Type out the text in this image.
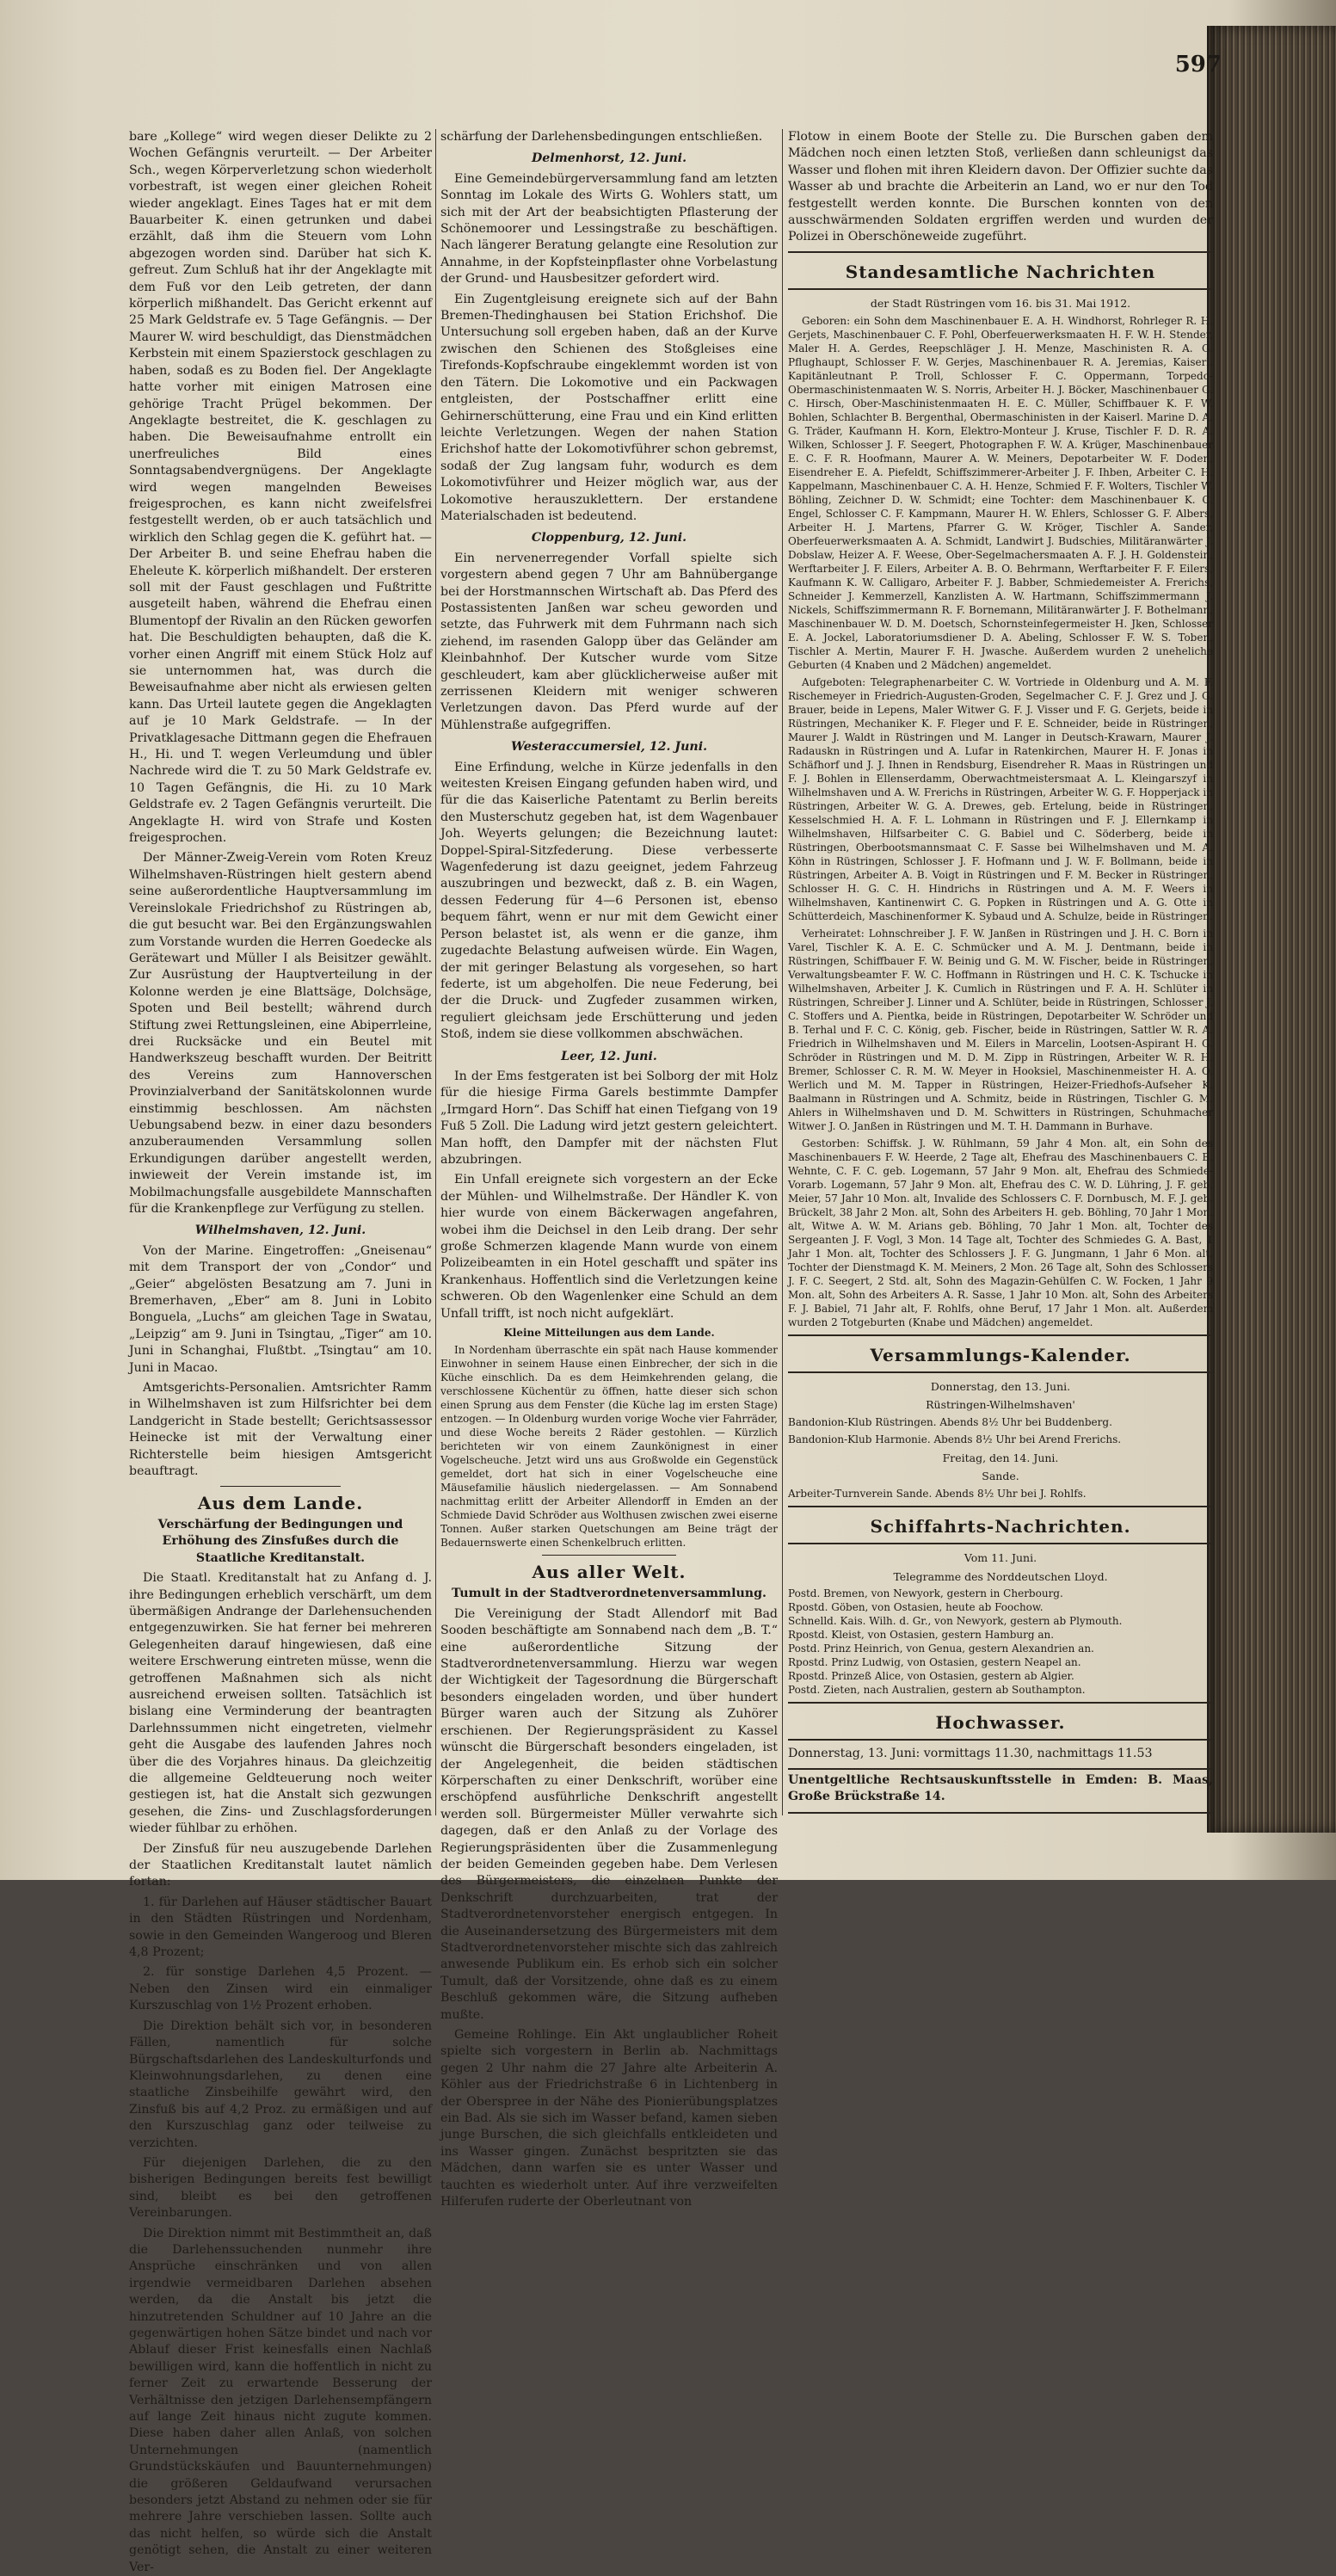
597

bare „Kollege“ wird wegen dieser Delikte zu 2 Wochen Gefängnis verurteilt. — Der Arbeiter Sch., wegen Körperverletzung schon wiederholt vorbestraft, ist wegen einer gleichen Roheit wieder angeklagt. Eines Tages hat er mit dem Bauarbeiter K. einen getrunken und dabei erzählt, daß ihm die Steuern vom Lohn abgezogen worden sind. Darüber hat sich K. gefreut. Zum Schluß hat ihr der Angeklagte mit dem Fuß vor den Leib getreten, der dann körperlich mißhandelt. Das Gericht erkennt auf 25 Mark Geldstrafe ev. 5 Tage Gefängnis. — Der Maurer W. wird beschuldigt, das Dienstmädchen Kerbstein mit einem Spazierstock geschlagen zu haben, sodaß es zu Boden fiel. Der Angeklagte hatte vorher mit einigen Matrosen eine gehörige Tracht Prügel bekommen. Der Angeklagte bestreitet, die K. geschlagen zu haben. Die Beweisaufnahme entrollt ein unerfreuliches Bild eines Sonntagsabendvergnügens. Der Angeklagte wird wegen mangelnden Beweises freigesprochen, es kann nicht zweifelsfrei festgestellt werden, ob er auch tatsächlich und wirklich den Schlag gegen die K. geführt hat. — Der Arbeiter B. und seine Ehefrau haben die Eheleute K. körperlich mißhandelt. Der ersteren soll mit der Faust geschlagen und Fußtritte ausgeteilt haben, während die Ehefrau einen Blumentopf der Rivalin an den Rücken geworfen hat. Die Beschuldigten behaupten, daß die K. vorher einen Angriff mit einem Stück Holz auf sie unternommen hat, was durch die Beweisaufnahme aber nicht als erwiesen gelten kann. Das Urteil lautete gegen die Angeklagten auf je 10 Mark Geldstrafe. — In der Privatklagesache Dittmann gegen die Ehefrauen H., Hi. und T. wegen Verleumdung und übler Nachrede wird die T. zu 50 Mark Geldstrafe ev. 10 Tagen Gefängnis, die Hi. zu 10 Mark Geldstrafe ev. 2 Tagen Gefängnis verurteilt. Die Angeklagte H. wird von Strafe und Kosten freigesprochen.

Der Männer-Zweig-Verein vom Roten Kreuz Wilhelmshaven-Rüstringen hielt gestern abend seine außerordentliche Hauptversammlung im Vereinslokale Friedrichshof zu Rüstringen ab, die gut besucht war. Bei den Ergänzungswahlen zum Vorstande wurden die Herren Goedecke als Gerätewart und Müller I als Beisitzer gewählt. Zur Ausrüstung der Hauptverteilung in der Kolonne werden je eine Blattsäge, Dolchsäge, Spoten und Beil bestellt; während durch Stiftung zwei Rettungsleinen, eine Abiperrleine, drei Rucksäcke und ein Beutel mit Handwerkszeug beschafft wurden. Der Beitritt des Vereins zum Hannoverschen Provinzialverband der Sanitätskolonnen wurde einstimmig beschlossen. Am nächsten Uebungsabend bezw. in einer dazu besonders anzuberaumenden Versammlung sollen Erkundigungen darüber angestellt werden, inwieweit der Verein imstande ist, im Mobilmachungsfalle ausgebildete Mannschaften für die Krankenpflege zur Verfügung zu stellen.

Wilhelmshaven, 12. Juni.

Von der Marine. Eingetroffen: „Gneisenau“ mit dem Transport der von „Condor“ und „Geier“ abgelösten Besatzung am 7. Juni in Bremerhaven, „Eber“ am 8. Juni in Lobito Bonguela, „Luchs“ am gleichen Tage in Swatau, „Leipzig“ am 9. Juni in Tsingtau, „Tiger“ am 10. Juni in Schanghai, Flußtbt. „Tsingtau“ am 10. Juni in Macao.

Amtsgerichts-Personalien. Amtsrichter Ramm in Wilhelmshaven ist zum Hilfsrichter bei dem Landgericht in Stade bestellt; Gerichtsassessor Heinecke ist mit der Verwaltung einer Richterstelle beim hiesigen Amtsgericht beauftragt.

Aus dem Lande.
Verschärfung der Bedingungen und Erhöhung des Zinsfußes durch die Staatliche Kreditanstalt.

Die Staatl. Kreditanstalt hat zu Anfang d. J. ihre Bedingungen erheblich verschärft, um dem übermäßigen Andrange der Darlehensuchenden entgegenzuwirken. Sie hat ferner bei mehreren Gelegenheiten darauf hingewiesen, daß eine weitere Erschwerung eintreten müsse, wenn die getroffenen Maßnahmen sich als nicht ausreichend erweisen sollten. Tatsächlich ist bislang eine Verminderung der beantragten Darlehnssummen nicht eingetreten, vielmehr geht die Ausgabe des laufenden Jahres noch über die des Vorjahres hinaus. Da gleichzeitig die allgemeine Geldteuerung noch weiter gestiegen ist, hat die Anstalt sich gezwungen gesehen, die Zins- und Zuschlagsforderungen wieder fühlbar zu erhöhen.

Der Zinsfuß für neu auszugebende Darlehen der Staatlichen Kreditanstalt lautet nämlich fortan:

1. für Darlehen auf Häuser städtischer Bauart in den Städten Rüstringen und Nordenham, sowie in den Gemeinden Wangeroog und Bleren 4,8 Prozent;

2. für sonstige Darlehen 4,5 Prozent. — Neben den Zinsen wird ein einmaliger Kurszuschlag von 1½ Prozent erhoben.

Die Direktion behält sich vor, in besonderen Fällen, namentlich für solche Bürgschaftsdarlehen des Landeskulturfonds und Kleinwohnungsdarlehen, zu denen eine staatliche Zinsbeihilfe gewährt wird, den Zinsfuß bis auf 4,2 Proz. zu ermäßigen und auf den Kurszuschlag ganz oder teilweise zu verzichten.

Für diejenigen Darlehen, die zu den bisherigen Bedingungen bereits fest bewilligt sind, bleibt es bei den getroffenen Vereinbarungen.

Die Direktion nimmt mit Bestimmtheit an, daß die Darlehenssuchenden nunmehr ihre Ansprüche einschränken und von allen irgendwie vermeidbaren Darlehen absehen werden, da die Anstalt bis jetzt die hinzutretenden Schuldner auf 10 Jahre an die gegenwärtigen hohen Sätze bindet und nach vor Ablauf dieser Frist keinesfalls einen Nachlaß bewilligen wird, kann die hoffentlich in nicht zu ferner Zeit zu erwartende Besserung der Verhältnisse den jetzigen Darlehensempfängern auf lange Zeit hinaus nicht zugute kommen. Diese haben daher allen Anlaß, von solchen Unternehmungen (namentlich Grundstückskäufen und Bauunternehmungen) die größeren Geldaufwand verursachen besonders jetzt Abstand zu nehmen oder sie für mehrere Jahre verschieben lassen. Sollte auch das nicht helfen, so würde sich die Anstalt genötigt sehen, die Anstalt zu einer weiteren Ver-

schärfung der Darlehensbedingungen entschließen.

Delmenhorst, 12. Juni.

Eine Gemeindebürgerversammlung fand am letzten Sonntag im Lokale des Wirts G. Wohlers statt, um sich mit der Art der beabsichtigten Pflasterung der Schönemoorer und Lessingstraße zu beschäftigen. Nach längerer Beratung gelangte eine Resolution zur Annahme, in der Kopfsteinpflaster ohne Vorbelastung der Grund- und Hausbesitzer gefordert wird.

Ein Zugentgleisung ereignete sich auf der Bahn Bremen-Thedinghausen bei Station Erichshof. Die Untersuchung soll ergeben haben, daß an der Kurve zwischen den Schienen des Stoßgleises eine Tirefonds-Kopfschraube eingeklemmt worden ist von den Tätern. Die Lokomotive und ein Packwagen entgleisten, der Postschaffner erlitt eine Gehirnerschütterung, eine Frau und ein Kind erlitten leichte Verletzungen. Wegen der nahen Station Erichshof hatte der Lokomotivführer schon gebremst, sodaß der Zug langsam fuhr, wodurch es dem Lokomotivführer und Heizer möglich war, aus der Lokomotive herauszuklettern. Der erstandene Materialschaden ist bedeutend.

Cloppenburg, 12. Juni.

Ein nervenerregender Vorfall spielte sich vorgestern abend gegen 7 Uhr am Bahnübergange bei der Horstmannschen Wirtschaft ab. Das Pferd des Postassistenten Janßen war scheu geworden und setzte, das Fuhrwerk mit dem Fuhrmann nach sich ziehend, im rasenden Galopp über das Geländer am Kleinbahnhof. Der Kutscher wurde vom Sitze geschleudert, kam aber glücklicherweise außer mit zerrissenen Kleidern mit weniger schweren Verletzungen davon. Das Pferd wurde auf der Mühlenstraße aufgegriffen.

Westeraccumersiel, 12. Juni.

Eine Erfindung, welche in Kürze jedenfalls in den weitesten Kreisen Eingang gefunden haben wird, und für die das Kaiserliche Patentamt zu Berlin bereits den Musterschutz gegeben hat, ist dem Wagenbauer Joh. Weyerts gelungen; die Bezeichnung lautet: Doppel-Spiral-Sitzfederung. Diese verbesserte Wagenfederung ist dazu geeignet, jedem Fahrzeug auszubringen und bezweckt, daß z. B. ein Wagen, dessen Federung für 4—6 Personen ist, ebenso bequem fährt, wenn er nur mit dem Gewicht einer Person belastet ist, als wenn er die ganze, ihm zugedachte Belastung aufweisen würde. Ein Wagen, der mit geringer Belastung als vorgesehen, so hart federte, ist um abgeholfen. Die neue Federung, bei der die Druck- und Zugfeder zusammen wirken, reguliert gleichsam jede Erschütterung und jeden Stoß, indem sie diese vollkommen abschwächen.

Leer, 12. Juni.

In der Ems festgeraten ist bei Solborg der mit Holz für die hiesige Firma Garels bestimmte Dampfer „Irmgard Horn“. Das Schiff hat einen Tiefgang von 19 Fuß 5 Zoll. Die Ladung wird jetzt gestern geleichtert. Man hofft, den Dampfer mit der nächsten Flut abzubringen.

Ein Unfall ereignete sich vorgestern an der Ecke der Mühlen- und Wilhelmstraße. Der Händler K. von hier wurde von einem Bäckerwagen angefahren, wobei ihm die Deichsel in den Leib drang. Der sehr große Schmerzen klagende Mann wurde von einem Polizeibeamten in ein Hotel geschafft und später ins Krankenhaus. Hoffentlich sind die Verletzungen keine schweren. Ob den Wagenlenker eine Schuld an dem Unfall trifft, ist noch nicht aufgeklärt.

Kleine Mitteilungen aus dem Lande.

In Nordenham überraschte ein spät nach Hause kommender Einwohner in seinem Hause einen Einbrecher, der sich in die Küche einschlich. Da es dem Heimkehrenden gelang, die verschlossene Küchentür zu öffnen, hatte dieser sich schon einen Sprung aus dem Fenster (die Küche lag im ersten Stage) entzogen. — In Oldenburg wurden vorige Woche vier Fahrräder, und diese Woche bereits 2 Räder gestohlen. — Kürzlich berichteten wir von einem Zaunkönignest in einer Vogelscheuche. Jetzt wird uns aus Großwolde ein Gegenstück gemeldet, dort hat sich in einer Vogelscheuche eine Mäusefamilie häuslich niedergelassen. — Am Sonnabend nachmittag erlitt der Arbeiter Allendorff in Emden an der Schmiede David Schröder aus Wolthusen zwischen zwei eiserne Tonnen. Außer starken Quetschungen am Beine trägt der Bedauernswerte einen Schenkelbruch erlitten.

Aus aller Welt.
Tumult in der Stadtverordnetenversammlung.

Die Vereinigung der Stadt Allendorf mit Bad Sooden beschäftigte am Sonnabend nach dem „B. T.“ eine außerordentliche Sitzung der Stadtverordnetenversammlung. Hierzu war wegen der Wichtigkeit der Tagesordnung die Bürgerschaft besonders eingeladen worden, und über hundert Bürger waren auch der Sitzung als Zuhörer erschienen. Der Regierungspräsident zu Kassel wünscht die Bürgerschaft besonders eingeladen, ist der Angelegenheit, die beiden städtischen Körperschaften zu einer Denkschrift, worüber eine erschöpfend ausführliche Denkschrift angestellt werden soll. Bürgermeister Müller verwahrte sich dagegen, daß er den Anlaß zu der Vorlage des Regierungspräsidenten über die Zusammenlegung der beiden Gemeinden gegeben habe. Dem Verlesen des Bürgermeisters, die einzelnen Punkte der Denkschrift durchzuarbeiten, trat der Stadtverordnetenvorsteher energisch entgegen. In die Auseinandersetzung des Bürgermeisters mit dem Stadtverordnetenvorsteher mischte sich das zahlreich anwesende Publikum ein. Es erhob sich ein solcher Tumult, daß der Vorsitzende, ohne daß es zu einem Beschluß gekommen wäre, die Sitzung aufheben mußte.

Gemeine Rohlinge. Ein Akt unglaublicher Roheit spielte sich vorgestern in Berlin ab. Nachmittags gegen 2 Uhr nahm die 27 Jahre alte Arbeiterin A. Köhler aus der Friedrichstraße 6 in Lichtenberg in der Oberspree in der Nähe des Pionierübungsplatzes ein Bad. Als sie sich im Wasser befand, kamen sieben junge Burschen, die sich gleichfalls entkleideten und ins Wasser gingen. Zunächst bespritzten sie das Mädchen, dann warfen sie es unter Wasser und tauchten es wiederholt unter. Auf ihre verzweifelten Hilferufen ruderte der Oberleutnant von

Flotow in einem Boote der Stelle zu. Die Burschen gaben dem Mädchen noch einen letzten Stoß, verließen dann schleunigst das Wasser und flohen mit ihren Kleidern davon. Der Offizier suchte das Wasser ab und brachte die Arbeiterin an Land, wo er nur den Tod festgestellt werden konnte. Die Burschen konnten von den ausschwärmenden Soldaten ergriffen werden und wurden der Polizei in Oberschöneweide zugeführt.

Standesamtliche Nachrichten
der Stadt Rüstringen vom 16. bis 31. Mai 1912.

Geboren: ein Sohn dem Maschinenbauer E. A. H. Windhorst, Rohrleger R. H. Gerjets, Maschinenbauer C. F. Pohl, Oberfeuerwerksmaaten H. F. W. H. Stender, Maler H. A. Gerdes, Reepschläger J. H. Menze, Maschinisten R. A. G. Pflughaupt, Schlosser F. W. Gerjes, Maschinenbauer R. A. Jeremias, Kaiserl. Kapitänleutnant P. Troll, Schlosser F. C. Oppermann, Torpedo-Obermaschinistenmaaten W. S. Norris, Arbeiter H. J. Böcker, Maschinenbauer G. C. Hirsch, Ober-Maschinistenmaaten H. E. C. Müller, Schiffbauer K. F. W. Bohlen, Schlachter B. Bergenthal, Obermaschinisten in der Kaiserl. Marine D. A. G. Träder, Kaufmann H. Korn, Elektro-Monteur J. Kruse, Tischler F. D. R. A. Wilken, Schlosser J. F. Seegert, Photographen F. W. A. Krüger, Maschinenbauer E. C. F. R. Hoofmann, Maurer A. W. Meiners, Depotarbeiter W. F. Doden, Eisendreher E. A. Piefeldt, Schiffszimmerer-Arbeiter J. F. Ihben, Arbeiter C. H. Kappelmann, Maschinenbauer C. A. H. Henze, Schmied F. F. Wolters, Tischler W. Böhling, Zeichner D. W. Schmidt; eine Tochter: dem Maschinenbauer K. C. Engel, Schlosser C. F. Kampmann, Maurer H. W. Ehlers, Schlosser G. F. Albers, Arbeiter H. J. Martens, Pfarrer G. W. Kröger, Tischler A. Sander, Oberfeuerwerksmaaten A. A. Schmidt, Landwirt J. Budschies, Militäranwärter J. Dobslaw, Heizer A. F. Weese, Ober-Segelmachersmaaten A. F. J. H. Goldenstein, Werftarbeiter J. F. Eilers, Arbeiter A. B. O. Behrmann, Werftarbeiter F. F. Eilers, Kaufmann K. W. Calligaro, Arbeiter F. J. Babber, Schmiedemeister A. Frerichs, Schneider J. Kemmerzell, Kanzlisten A. W. Hartmann, Schiffszimmermann J. Nickels, Schiffszimmermann R. F. Bornemann, Militäranwärter J. F. Bothelmann, Maschinenbauer W. D. M. Doetsch, Schornsteinfegermeister H. Jken, Schlosser E. A. Jockel, Laboratoriumsdiener D. A. Abeling, Schlosser F. W. S. Toben, Tischler A. Mertin, Maurer F. H. Jwasche. Außerdem wurden 2 uneheliche Geburten (4 Knaben und 2 Mädchen) angemeldet.

Aufgeboten: Telegraphenarbeiter C. W. Vortriede in Oldenburg und A. M. F. Rischemeyer in Friedrich-Augusten-Groden, Segelmacher C. F. J. Grez und J. G. Brauer, beide in Lepens, Maler Witwer G. F. J. Visser und F. G. Gerjets, beide in Rüstringen, Mechaniker K. F. Fleger und F. E. Schneider, beide in Rüstringen, Maurer J. Waldt in Rüstringen und M. Langer in Deutsch-Krawarn, Maurer J. Radauskn in Rüstringen und A. Lufar in Ratenkirchen, Maurer H. F. Jonas in Schäfhorf und J. J. Ihnen in Rendsburg, Eisendreher R. Maas in Rüstringen und F. J. Bohlen in Ellenserdamm, Oberwachtmeistersmaat A. L. Kleingarszyf in Wilhelmshaven und A. W. Frerichs in Rüstringen, Arbeiter W. G. F. Hopperjack in Rüstringen, Arbeiter W. G. A. Drewes, geb. Ertelung, beide in Rüstringen, Kesselschmied H. A. F. L. Lohmann in Rüstringen und F. J. Ellernkamp in Wilhelmshaven, Hilfsarbeiter C. G. Babiel und C. Söderberg, beide in Rüstringen, Oberbootsmannsmaat C. F. Sasse bei Wilhelmshaven und M. A. Köhn in Rüstringen, Schlosser J. F. Hofmann und J. W. F. Bollmann, beide in Rüstringen, Arbeiter A. B. Voigt in Rüstringen und F. M. Becker in Rüstringen, Schlosser H. G. C. H. Hindrichs in Rüstringen und A. M. F. Weers in Wilhelmshaven, Kantinenwirt C. G. Popken in Rüstringen und A. G. Otte in Schütterdeich, Maschinenformer K. Sybaud und A. Schulze, beide in Rüstringen.

Verheiratet: Lohnschreiber J. F. W. Janßen in Rüstringen und J. H. C. Born in Varel, Tischler K. A. E. C. Schmücker und A. M. J. Dentmann, beide in Rüstringen, Schiffbauer F. W. Beinig und G. M. W. Fischer, beide in Rüstringen, Verwaltungsbeamter F. W. C. Hoffmann in Rüstringen und H. C. K. Tschucke in Wilhelmshaven, Arbeiter J. K. Cumlich in Rüstringen und F. A. H. Schlüter in Rüstringen, Schreiber J. Linner und A. Schlüter, beide in Rüstringen, Schlosser J. C. Stoffers und A. Pientka, beide in Rüstringen, Depotarbeiter W. Schröder und B. Terhal und F. C. C. König, geb. Fischer, beide in Rüstringen, Sattler W. R. A. Friedrich in Wilhelmshaven und M. Eilers in Marcelin, Lootsen-Aspirant H. G. Schröder in Rüstringen und M. D. M. Zipp in Rüstringen, Arbeiter W. R. H. Bremer, Schlosser C. R. M. W. Meyer in Hooksiel, Maschinenmeister H. A. O. Werlich und M. M. Tapper in Rüstringen, Heizer-Friedhofs-Aufseher K. Baalmann in Rüstringen und A. Schmitz, beide in Rüstringen, Tischler G. M. Ahlers in Wilhelmshaven und D. M. Schwitters in Rüstringen, Schuhmacher Witwer J. O. Janßen in Rüstringen und M. T. H. Dammann in Burhave.

Gestorben: Schiffsk. J. W. Rühlmann, 59 Jahr 4 Mon. alt, ein Sohn des Maschinenbauers F. W. Heerde, 2 Tage alt, Ehefrau des Maschinenbauers C. B. Wehnte, C. F. C. geb. Logemann, 57 Jahr 9 Mon. alt, Ehefrau des Schmiede-Vorarb. Logemann, 57 Jahr 9 Mon. alt, Ehefrau des C. W. D. Lühring, J. F. geb. Meier, 57 Jahr 10 Mon. alt, Invalide des Schlossers C. F. Dornbusch, M. F. J. geb. Brückelt, 38 Jahr 2 Mon. alt, Sohn des Arbeiters H. geb. Böhling, 70 Jahr 1 Mon. alt, Witwe A. W. M. Arians geb. Böhling, 70 Jahr 1 Mon. alt, Tochter des Sergeanten J. F. Vogl, 3 Mon. 14 Tage alt, Tochter des Schmiedes G. A. Bast, 1 Jahr 1 Mon. alt, Tochter des Schlossers J. F. G. Jungmann, 1 Jahr 6 Mon. alt, Tochter der Dienstmagd K. M. Meiners, 2 Mon. 26 Tage alt, Sohn des Schlossers J. F. C. Seegert, 2 Std. alt, Sohn des Magazin-Gehülfen C. W. Focken, 1 Jahr 9 Mon. alt, Sohn des Arbeiters A. R. Sasse, 1 Jahr 10 Mon. alt, Sohn des Arbeiters F. J. Babiel, 71 Jahr alt, F. Rohlfs, ohne Beruf, 17 Jahr 1 Mon. alt. Außerdem wurden 2 Totgeburten (Knabe und Mädchen) angemeldet.

Versammlungs-Kalender.
Donnerstag, den 13. Juni.
Rüstringen-Wilhelmshaven'

Bandonion-Klub Rüstringen. Abends 8½ Uhr bei Buddenberg.

Bandonion-Klub Harmonie. Abends 8½ Uhr bei Arend Frerichs.

Freitag, den 14. Juni.
Sande.

Arbeiter-Turnverein Sande. Abends 8½ Uhr bei J. Rohlfs.

Schiffahrts-Nachrichten.
Vom 11. Juni.
Telegramme des Norddeutschen Lloyd.

Postd. Bremen, von Newyork, gestern in Cherbourg.
Rpostd. Göben, von Ostasien, heute ab Foochow.
Schnelld. Kais. Wilh. d. Gr., von Newyork, gestern ab Plymouth.
Rpostd. Kleist, von Ostasien, gestern Hamburg an.
Postd. Prinz Heinrich, von Genua, gestern Alexandrien an.
Rpostd. Prinz Ludwig, von Ostasien, gestern Neapel an.
Rpostd. Prinzeß Alice, von Ostasien, gestern ab Algier.
Postd. Zieten, nach Australien, gestern ab Southampton.

Hochwasser.

Donnerstag, 13. Juni: vormittags 11.30, nachmittags 11.53

Unentgeltliche Rechtsauskunftsstelle in Emden: B. Maas, Große Brückstraße 14.
